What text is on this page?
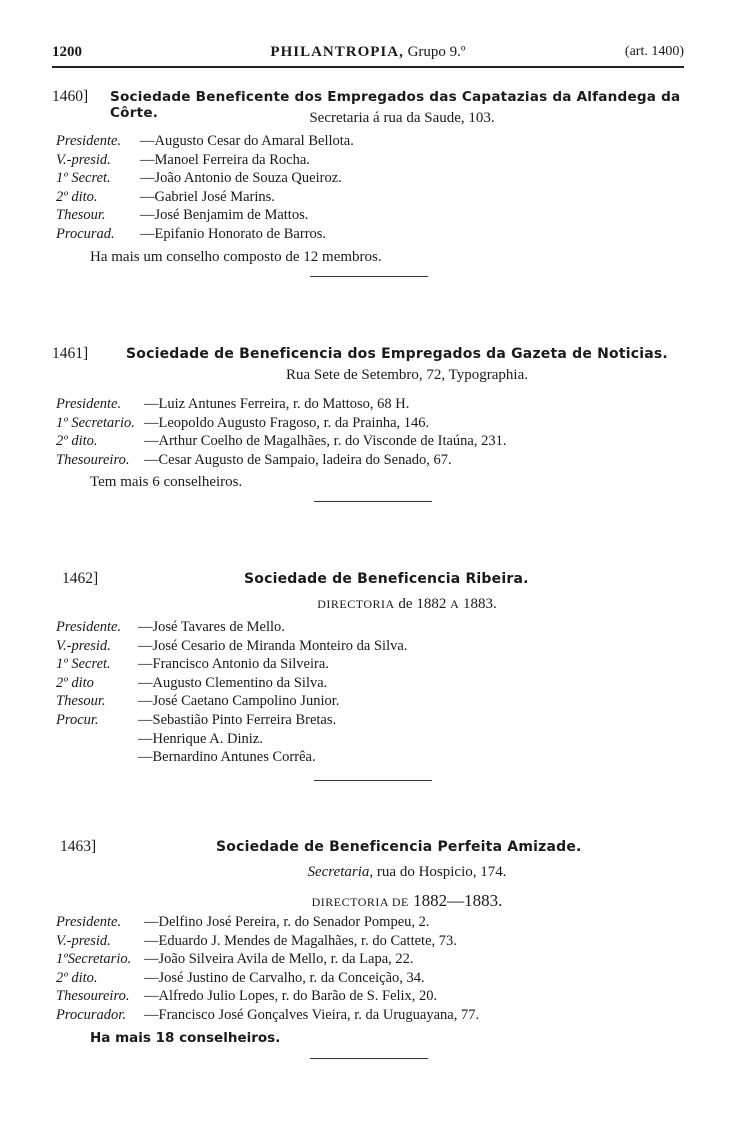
1200	PHILANTROPIA, Grupo 9.º	(art. 1400)
1460] Sociedade Beneficente dos Empregados das Capatazias da Alfandega da Côrte.	Secretaria á rua da Saude, 103.
Presidente. —Augusto Cesar do Amaral Bellota.
V.-presid. —Manoel Ferreira da Rocha.
1º Secret. —João Antonio de Souza Queiroz.
2º dito.	—Gabriel José Marins.
Thesour. —José Benjamim de Mattos.
Procurad. —Epifanio Honorato de Barros.
Ha mais um conselho composto de 12 membros.
1461]	Sociedade de Beneficencia dos Empregados da Gazeta de Noticias.
Rua Sete de Setembro, 72, Typographia.
Presidente. —Luiz Antunes Ferreira, r. do Mattoso, 68 H.
1º Secretario. —Leopoldo Augusto Fragoso, r. da Prainha, 146.
2º dito.	—Arthur Coelho de Magalhães, r. do Visconde de Itaúna, 231.
Thesoureiro. —Cesar Augusto de Sampaio, ladeira do Senado, 67.
Tem mais 6 conselheiros.
1462]	Sociedade de Beneficencia Ribeira.
DIRECTORIA de 1882 A 1883.
Presidente. —José Tavares de Mello.
V.-presid. —José Cesario de Miranda Monteiro da Silva.
1º Secret. —Francisco Antonio da Silveira.
2º dito	—Augusto Clementino da Silva.
Thesour. —José Caetano Campolino Junior.
Procur.	—Sebastião Pinto Ferreira Bretas.
—Henrique A. Diniz.
—Bernardino Antunes Corrêa.
1463]	Sociedade de Beneficencia Perfeita Amizade.
Secretaria, rua do Hospicio, 174.
DIRECTORIA DE 1882—1883.
Presidente. —Delfino José Pereira, r. do Senador Pompeu, 2.
V.-presid. —Eduardo J. Mendes de Magalhães, r. do Cattete, 73.
1ºSecretario. —João Silveira Avila de Mello, r. da Lapa, 22.
2º dito.	—José Justino de Carvalho, r. da Conceição, 34.
Thesoureiro. —Alfredo Julio Lopes, r. do Barão de S. Felix, 20.
Procurador. —Francisco José Gonçalves Vieira, r. da Uruguayana, 77.
Ha mais 18 conselheiros.
